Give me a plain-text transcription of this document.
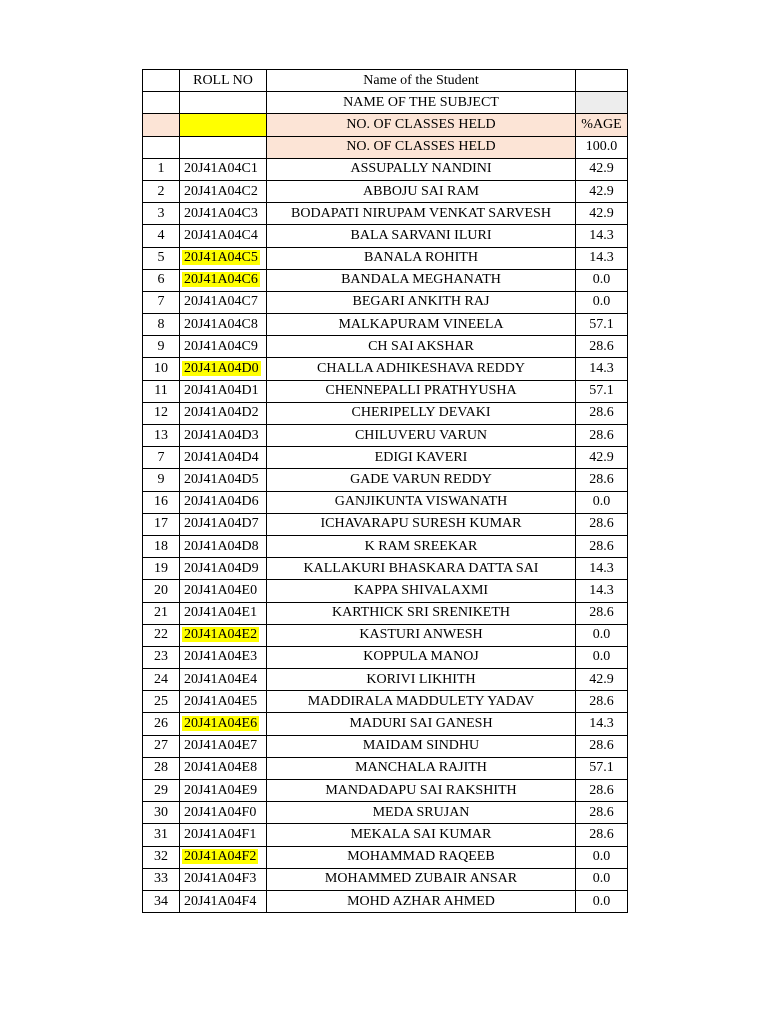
	ROLL NO	Name of the Student	
		NAME OF THE SUBJECT	
		NO. OF CLASSES HELD	%AGE
		NO. OF CLASSES HELD	100.0
1	20J41A04C1	ASSUPALLY NANDINI	42.9
2	20J41A04C2	ABBOJU SAI RAM	42.9
3	20J41A04C3	BODAPATI NIRUPAM VENKAT SARVESH	42.9
4	20J41A04C4	BALA SARVANI ILURI	14.3
5	20J41A04C5	BANALA ROHITH	14.3
6	20J41A04C6	BANDALA MEGHANATH	0.0
7	20J41A04C7	BEGARI ANKITH RAJ	0.0
8	20J41A04C8	MALKAPURAM VINEELA	57.1
9	20J41A04C9	CH SAI AKSHAR	28.6
10	20J41A04D0	CHALLA ADHIKESHAVA REDDY	14.3
11	20J41A04D1	CHENNEPALLI PRATHYUSHA	57.1
12	20J41A04D2	CHERIPELLY DEVAKI	28.6
13	20J41A04D3	CHILUVERU VARUN	28.6
7	20J41A04D4	EDIGI KAVERI	42.9
9	20J41A04D5	GADE VARUN REDDY	28.6
16	20J41A04D6	GANJIKUNTA VISWANATH	0.0
17	20J41A04D7	ICHAVARAPU SURESH KUMAR	28.6
18	20J41A04D8	K RAM SREEKAR	28.6
19	20J41A04D9	KALLAKURI BHASKARA DATTA SAI	14.3
20	20J41A04E0	KAPPA SHIVALAXMI	14.3
21	20J41A04E1	KARTHICK SRI SRENIKETH	28.6
22	20J41A04E2	KASTURI ANWESH	0.0
23	20J41A04E3	KOPPULA MANOJ	0.0
24	20J41A04E4	KORIVI LIKHITH	42.9
25	20J41A04E5	MADDIRALA MADDULETY YADAV	28.6
26	20J41A04E6	MADURI SAI GANESH	14.3
27	20J41A04E7	MAIDAM SINDHU	28.6
28	20J41A04E8	MANCHALA RAJITH	57.1
29	20J41A04E9	MANDADAPU SAI RAKSHITH	28.6
30	20J41A04F0	MEDA SRUJAN	28.6
31	20J41A04F1	MEKALA SAI KUMAR	28.6
32	20J41A04F2	MOHAMMAD RAQEEB	0.0
33	20J41A04F3	MOHAMMED ZUBAIR ANSAR	0.0
34	20J41A04F4	MOHD AZHAR AHMED	0.0
